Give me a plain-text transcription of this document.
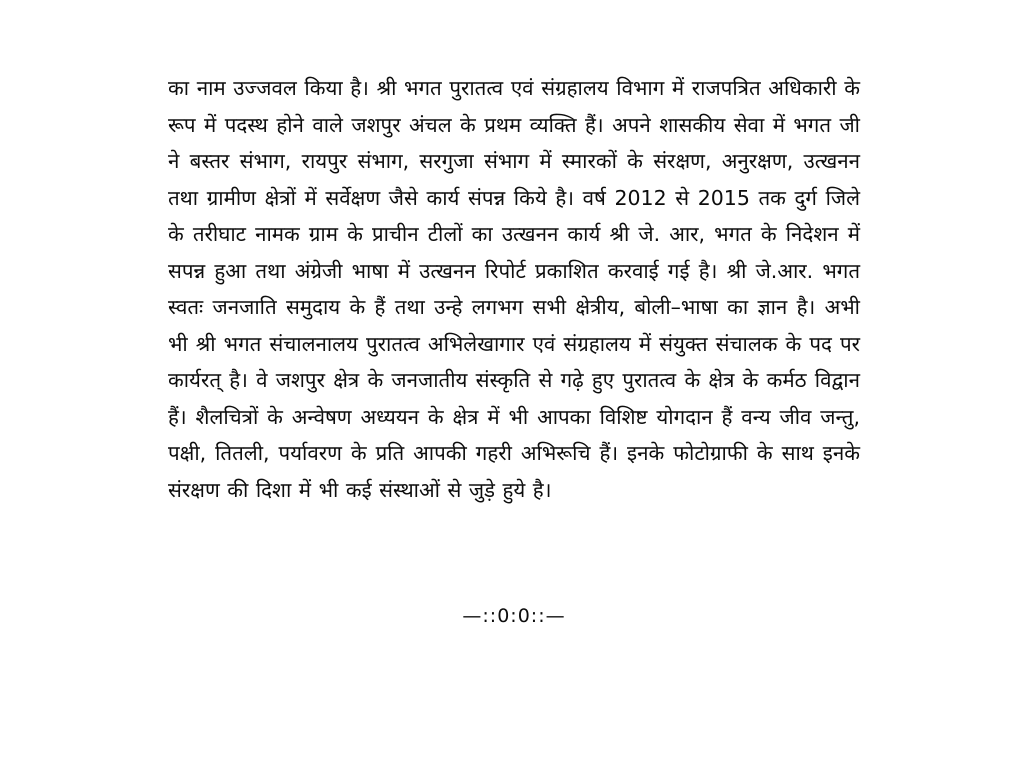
का नाम उज्जवल किया है। श्री भगत पुरातत्व एवं संग्रहालय विभाग में राजपत्रित अधिकारी के रूप में पदस्थ होने वाले जशपुर अंचल के प्रथम व्यक्ति हैं। अपने शासकीय सेवा में भगत जी ने बस्तर संभाग, रायपुर संभाग, सरगुजा संभाग में स्मारकों के संरक्षण, अनुरक्षण, उत्खनन तथा ग्रामीण क्षेत्रों में सर्वेक्षण जैसे कार्य संपन्न किये है। वर्ष 2012 से 2015 तक दुर्ग जिले के तरीघाट नामक ग्राम के प्राचीन टीलों का उत्खनन कार्य श्री जे. आर, भगत के निदेशन में सपन्न हुआ तथा अंग्रेजी भाषा में उत्खनन रिपोर्ट प्रकाशित करवाई गई है। श्री जे.आर. भगत स्वतः जनजाति समुदाय के हैं तथा उन्हे लगभग सभी क्षेत्रीय, बोली–भाषा का ज्ञान है। अभी भी श्री भगत संचालनालय पुरातत्व अभिलेखागार एवं संग्रहालय में संयुक्त संचालक के पद पर कार्यरत् है। वे जशपुर क्षेत्र के जनजातीय संस्कृति से गढ़े हुए पुरातत्व के क्षेत्र के कर्मठ विद्वान हैं। शैलचित्रों के अन्वेषण अध्ययन के क्षेत्र में भी आपका विशिष्ट योगदान हैं वन्य जीव जन्तु, पक्षी, तितली, पर्यावरण के प्रति आपकी गहरी अभिरूचि हैं। इनके फोटोग्राफी के साथ इनके संरक्षण की दिशा में भी कई संस्थाओं से जुड़े हुये है।

—::0:0::—
